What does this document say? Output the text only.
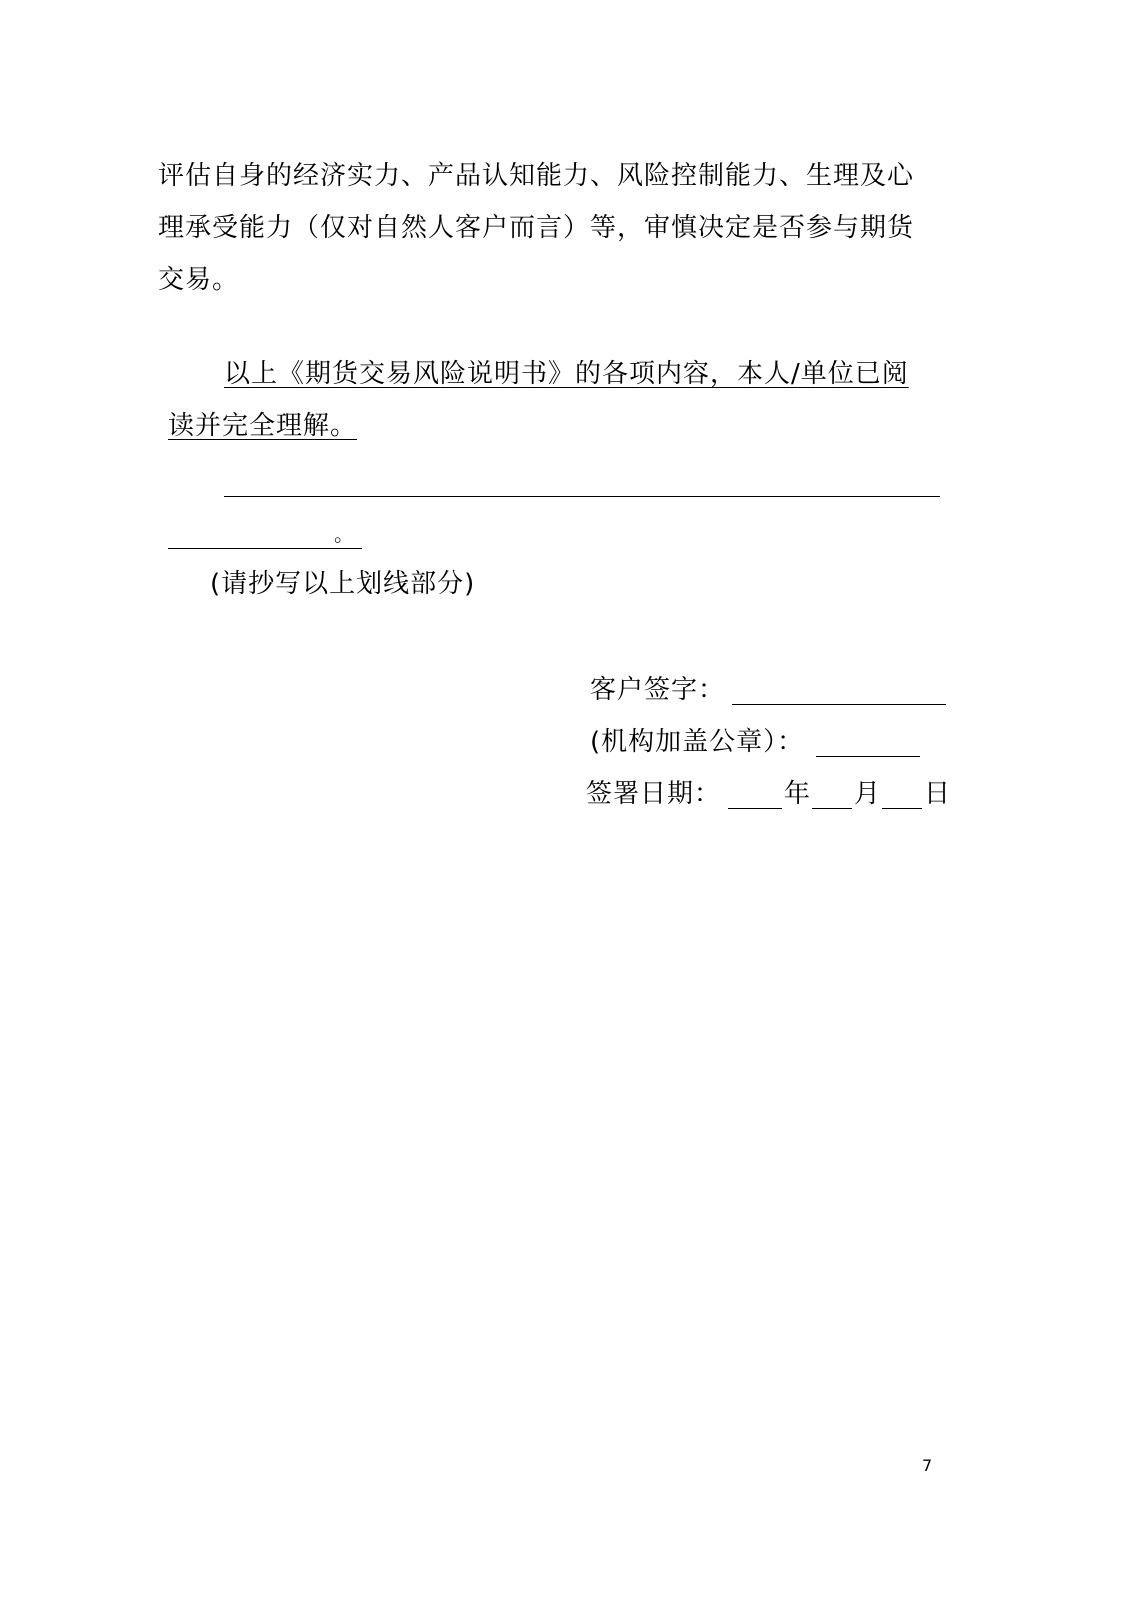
评估自身的经济实力、产品认知能力、风险控制能力、生理及心
理承受能力（仅对自然人客户而言）等，审慎决定是否参与期货
交易。
以上《期货交易风险说明书》的各项内容，本人/单位已阅
读并完全理解。
。
(请抄写以上划线部分)
客户签字：
(机构加盖公章）：
签署日期： 年 月 日
7
